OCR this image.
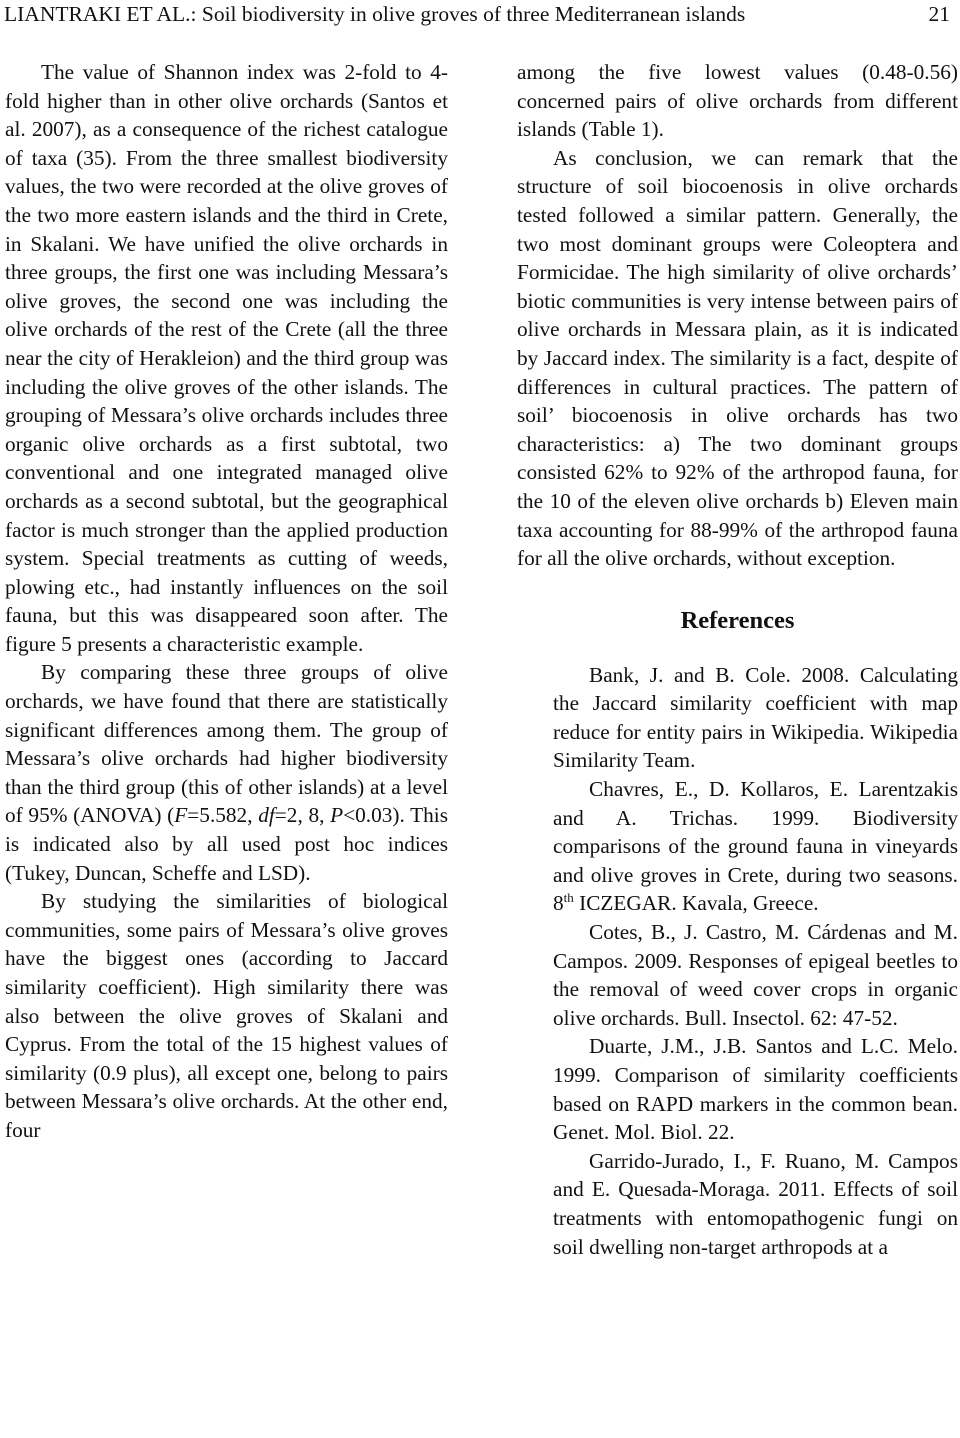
LIANTRAKI ET AL.: Soil biodiversity in olive groves of three Mediterranean islands	21

The value of Shannon index was 2-fold to 4-fold higher than in other olive orchards (Santos et al. 2007), as a consequence of the richest catalogue of taxa (35). From the three smallest biodiversity values, the two were recorded at the olive groves of the two more eastern islands and the third in Crete, in Skalani. We have unified the olive orchards in three groups, the first one was including Messara’s olive groves, the second one was including the olive orchards of the rest of the Crete (all the three near the city of Herakleion) and the third group was including the olive groves of the other islands. The grouping of Messara’s olive orchards includes three organic olive orchards as a first subtotal, two conventional and one integrated managed olive orchards as a second subtotal, but the geographical factor is much stronger than the applied production system. Special treatments as cutting of weeds, plowing etc., had instantly influences on the soil fauna, but this was disappeared soon after. The figure 5 presents a characteristic example.

By comparing these three groups of olive orchards, we have found that there are statistically significant differences among them. The group of Messara’s olive orchards had higher biodiversity than the third group (this of other islands) at a level of 95% (ANOVA) (F=5.582, df=2, 8, P<0.03). This is indicated also by all used post hoc indices (Tukey, Duncan, Scheffe and LSD).

By studying the similarities of biological communities, some pairs of Messara’s olive groves have the biggest ones (according to Jaccard similarity coefficient). High similarity there was also between the olive groves of Skalani and Cyprus. From the total of the 15 highest values of similarity (0.9 plus), all except one, belong to pairs between Messara’s olive orchards. At the other end, four

among the five lowest values (0.48-0.56) concerned pairs of olive orchards from different islands (Table 1).

As conclusion, we can remark that the structure of soil biocoenosis in olive orchards tested followed a similar pattern. Generally, the two most dominant groups were Coleoptera and Formicidae. The high similarity of olive orchards’ biotic communities is very intense between pairs of olive orchards in Messara plain, as it is indicated by Jaccard index. The similarity is a fact, despite of differences in cultural practices. The pattern of soil’ biocoenosis in olive orchards has two characteristics: a) The two dominant groups consisted 62% to 92% of the arthropod fauna, for the 10 of the eleven olive orchards b) Eleven main taxa accounting for 88-99% of the arthropod fauna for all the olive orchards, without exception.

References

Bank, J. and B. Cole. 2008. Calculating the Jaccard similarity coefficient with map reduce for entity pairs in Wikipedia. Wikipedia Similarity Team.

Chavres, E., D. Kollaros, E. Larentzakis and A. Trichas. 1999. Biodiversity comparisons of the ground fauna in vineyards and olive groves in Crete, during two seasons. 8th ICZEGAR. Kavala, Greece.

Cotes, B., J. Castro, M. Cárdenas and M. Campos. 2009. Responses of epigeal beetles to the removal of weed cover crops in organic olive orchards. Bull. Insectol. 62: 47-52.

Duarte, J.M., J.B. Santos and L.C. Melo. 1999. Comparison of similarity coefficients based on RAPD markers in the common bean. Genet. Mol. Biol. 22.

Garrido-Jurado, I., F. Ruano, M. Campos and E. Quesada-Moraga. 2011. Effects of soil treatments with entomopathogenic fungi on soil dwelling non-target arthropods at a
